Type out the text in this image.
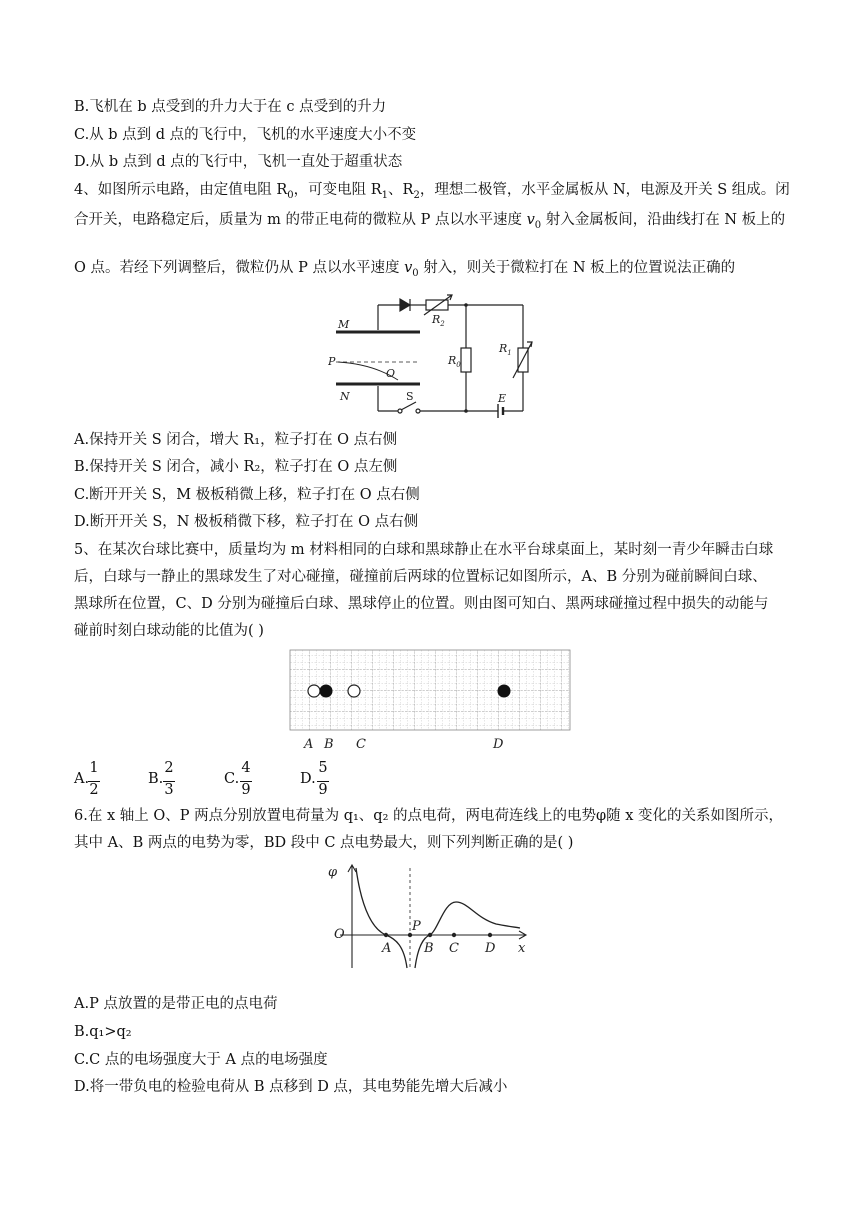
B.飞机在 b 点受到的升力大于在 c 点受到的升力
C.从 b 点到 d 点的飞行中，飞机的水平速度大小不变
D.从 b 点到 d 点的飞行中，飞机一直处于超重状态
4、如图所示电路，由定值电阻 $R_0$，可变电阻 $R_1$、$R_2$，理想二极管，水平金属板从 N，电源及开关 S 组成。闭
合开关，电路稳定后，质量为 m 的带正电荷的微粒从 P 点以水平速度 $v_0$ 射入金属板间，沿曲线打在 N 板上的
O 点。若经下列调整后，微粒仍从 P 点以水平速度 $v_0$ 射入，则关于微粒打在 N 板上的位置说法正确的
M
P
O
N	S	E
$R_2$
$R_0$
$R_1$
A.保持开关 S 闭合，增大 R₁，粒子打在 O 点右侧
B.保持开关 S 闭合，减小 R₂，粒子打在 O 点左侧
C.断开开关 S，M 极板稍微上移，粒子打在 O 点右侧
D.断开开关 S，N 极板稍微下移，粒子打在 O 点右侧
5、在某次台球比赛中，质量均为 m 材料相同的白球和黑球静止在水平台球桌面上，某时刻一青少年瞬击白球
后，白球与一静止的黑球发生了对心碰撞，碰撞前后两球的位置标记如图所示，A、B 分别为碰前瞬间白球、
黑球所在位置，C、D 分别为碰撞后白球、黑球停止的位置。则由图可知白、黑两球碰撞过程中损失的动能与
碰前时刻白球动能的比值为( )
A B C	D
A.
1
2
B.
2
3
C.
4
9
D.
5
9
6.在 x 轴上 O、P 两点分别放置电荷量为 q₁、q₂ 的点电荷，两电荷连线上的电势φ随 x 变化的关系如图所示，
其中 A、B 两点的电势为零，BD 段中 C 点电势最大，则下列判断正确的是( )
φ
O
A
P
B C D x
A.P 点放置的是带正电的点电荷
B.q₁>q₂
C.C 点的电场强度大于 A 点的电场强度
D.将一带负电的检验电荷从 B 点移到 D 点，其电势能先增大后减小
